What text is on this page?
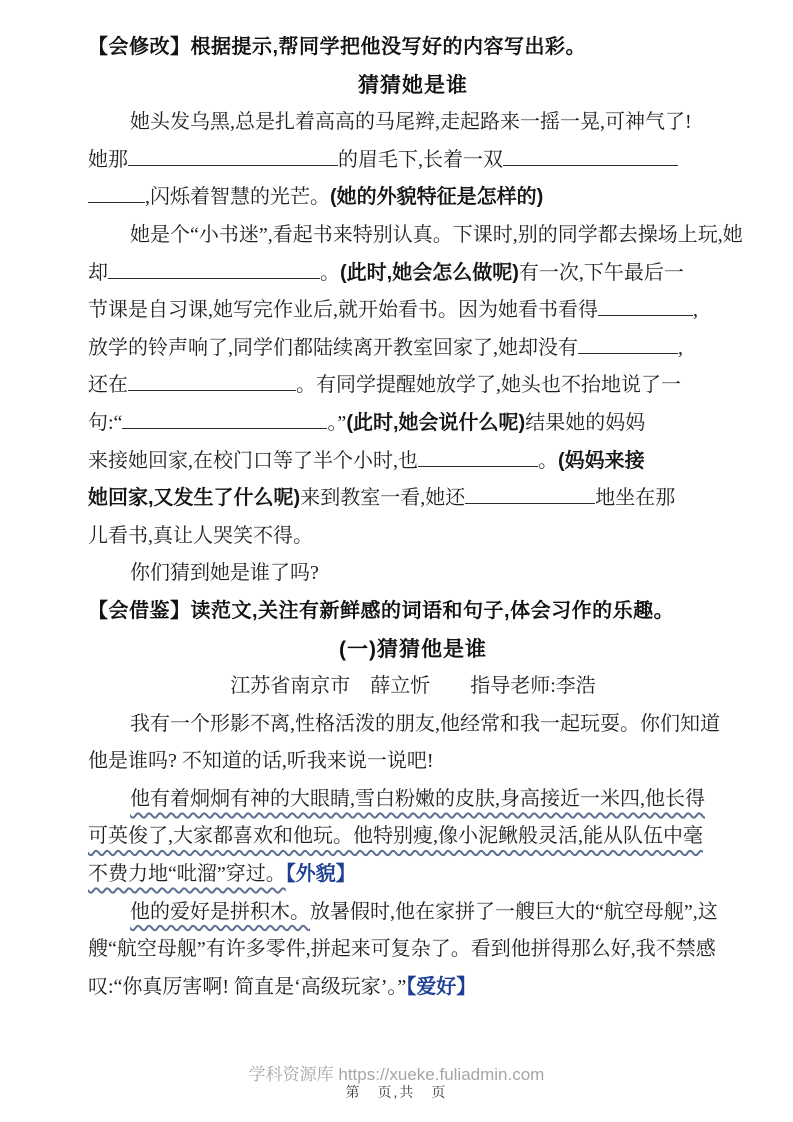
【会修改】根据提示,帮同学把他没写好的内容写出彩。
猜猜她是谁
她头发乌黑,总是扎着高高的马尾辫,走起路来一摇一晃,可神气了!
她那	的眉毛下,长着一双
,闪烁着智慧的光芒。(她的外貌特征是怎样的)
她是个“小书迷”,看起书来特别认真。下课时,别的同学都去操场上玩,她
却	。(此时,她会怎么做呢)有一次,下午最后一
节课是自习课,她写完作业后,就开始看书。因为她看书看得	,
放学的铃声响了,同学们都陆续离开教室回家了,她却没有	,
还在	。有同学提醒她放学了,她头也不抬地说了一
句:“	。”(此时,她会说什么呢)结果她的妈妈
来接她回家,在校门口等了半个小时,也	。(妈妈来接
她回家,又发生了什么呢)来到教室一看,她还	地坐在那
儿看书,真让人哭笑不得。
你们猜到她是谁了吗?
【会借鉴】读范文,关注有新鲜感的词语和句子,体会习作的乐趣。
(一)猜猜他是谁
江苏省南京市　薛立忻　　指导老师:李浩
我有一个形影不离,性格活泼的朋友,他经常和我一起玩耍。你们知道
他是谁吗? 不知道的话,听我来说一说吧!
他有着炯炯有神的大眼睛,雪白粉嫩的皮肤,身高接近一米四,他长得
可英俊了,大家都喜欢和他玩。他特别瘦,像小泥鳅般灵活,能从队伍中毫
不费力地“吡溜”穿过。【外貌】
他的爱好是拼积木。放暑假时,他在家拼了一艘巨大的“航空母舰”,这
艘“航空母舰”有许多零件,拼起来可复杂了。看到他拼得那么好,我不禁感
叹:“你真厉害啊! 简直是‘高级玩家’。”【爱好】
学科资源库 https://xueke.fuliadmin.com
第　页,共　页
